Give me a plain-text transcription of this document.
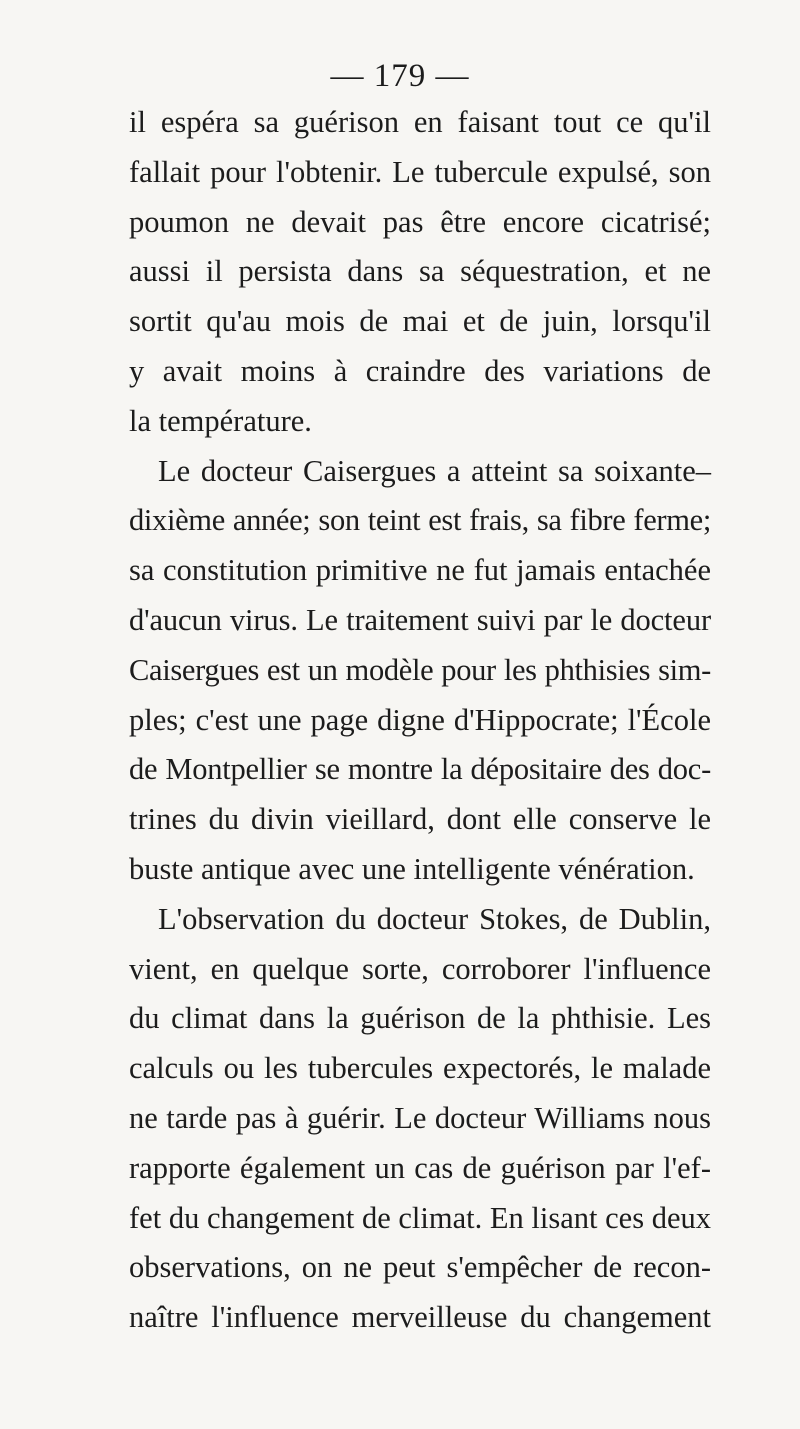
— 179 —
il espéra sa guérison en faisant tout ce qu'il
fallait pour l'obtenir. Le tubercule expulsé, son
poumon ne devait pas être encore cicatrisé;
aussi il persista dans sa séquestration, et ne
sortit qu'au mois de mai et de juin, lorsqu'il
y avait moins à craindre des variations de
la température.
Le docteur Caisergues a atteint sa soixante–
dixième année; son teint est frais, sa fibre ferme;
sa constitution primitive ne fut jamais entachée
d'aucun virus. Le traitement suivi par le docteur
Caisergues est un modèle pour les phthisies sim-
ples; c'est une page digne d'Hippocrate; l'École
de Montpellier se montre la dépositaire des doc-
trines du divin vieillard, dont elle conserve le
buste antique avec une intelligente vénération.
L'observation du docteur Stokes, de Dublin,
vient, en quelque sorte, corroborer l'influence
du climat dans la guérison de la phthisie. Les
calculs ou les tubercules expectorés, le malade
ne tarde pas à guérir. Le docteur Williams nous
rapporte également un cas de guérison par l'ef-
fet du changement de climat. En lisant ces deux
observations, on ne peut s'empêcher de recon-
naître l'influence merveilleuse du changement
